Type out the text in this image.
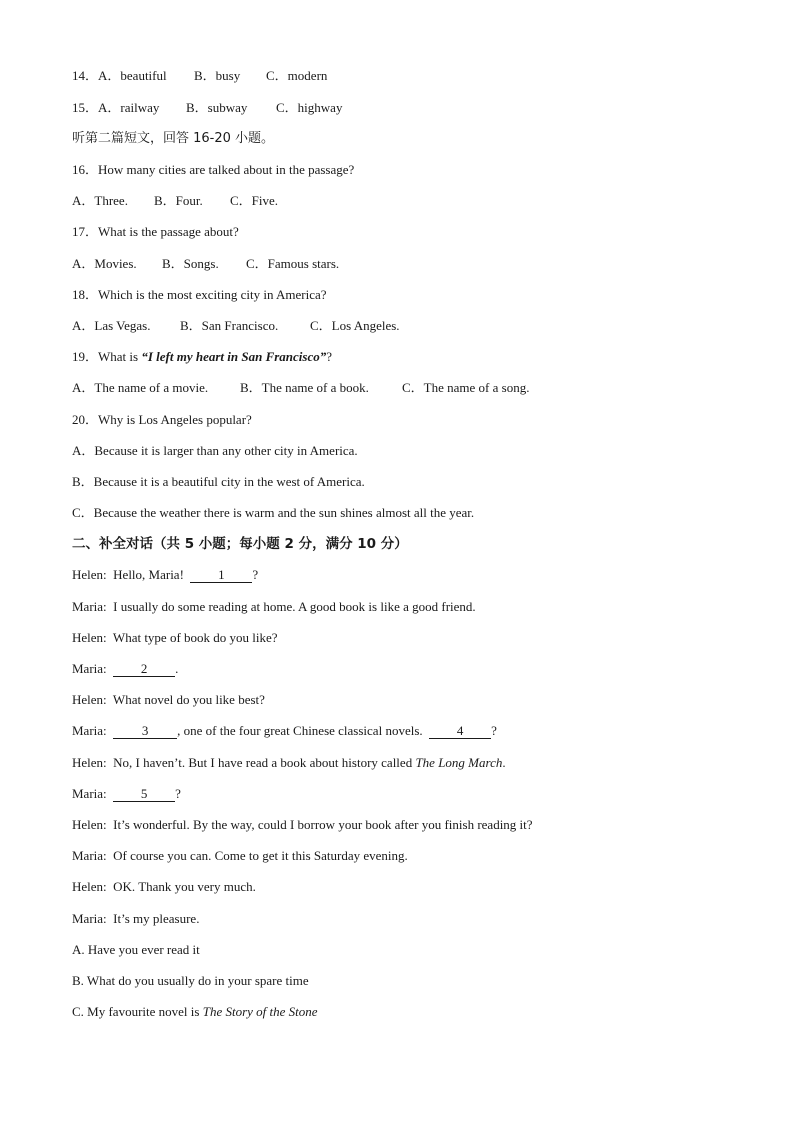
14．A．beautiful B．busy C．modern
15．A．railway B．subway C．highway
听第二篇短文，回答 16-20 小题。
16．How many cities are talked about in the passage?
A．Three. B．Four. C．Five.
17．What is the passage about?
A．Movies. B．Songs. C．Famous stars.
18．Which is the most exciting city in America?
A．Las Vegas. B．San Francisco. C．Los Angeles.
19．What is “I left my heart in San Francisco”?
A．The name of a movie. B．The name of a book.	C．The name of a song.
20．Why is Los Angeles popular?
A．Because it is larger than any other city in America.
B．Because it is a beautiful city in the west of America.
C．Because the weather there is warm and the sun shines almost all the year.
二、补全对话（共 5 小题；每小题 2 分，满分 10 分）
Helen: Hello, Maria!	1 ?
Maria: I usually do some reading at home. A good book is like a good friend.
Helen: What type of book do you like?
Maria:	2 .
Helen: What novel do you like best?
Maria:	3 , one of the four great Chinese classical novels.	4 ?
Helen: No, I haven’t. But I have read a book about history called The Long March.
Maria:	5 ?
Helen: It’s wonderful. By the way, could I borrow your book after you finish reading it?
Maria: Of course you can. Come to get it this Saturday evening.
Helen: OK. Thank you very much.
Maria: It’s my pleasure.
A. Have you ever read it
B. What do you usually do in your spare time
C. My favourite novel is The Story of the Stone
